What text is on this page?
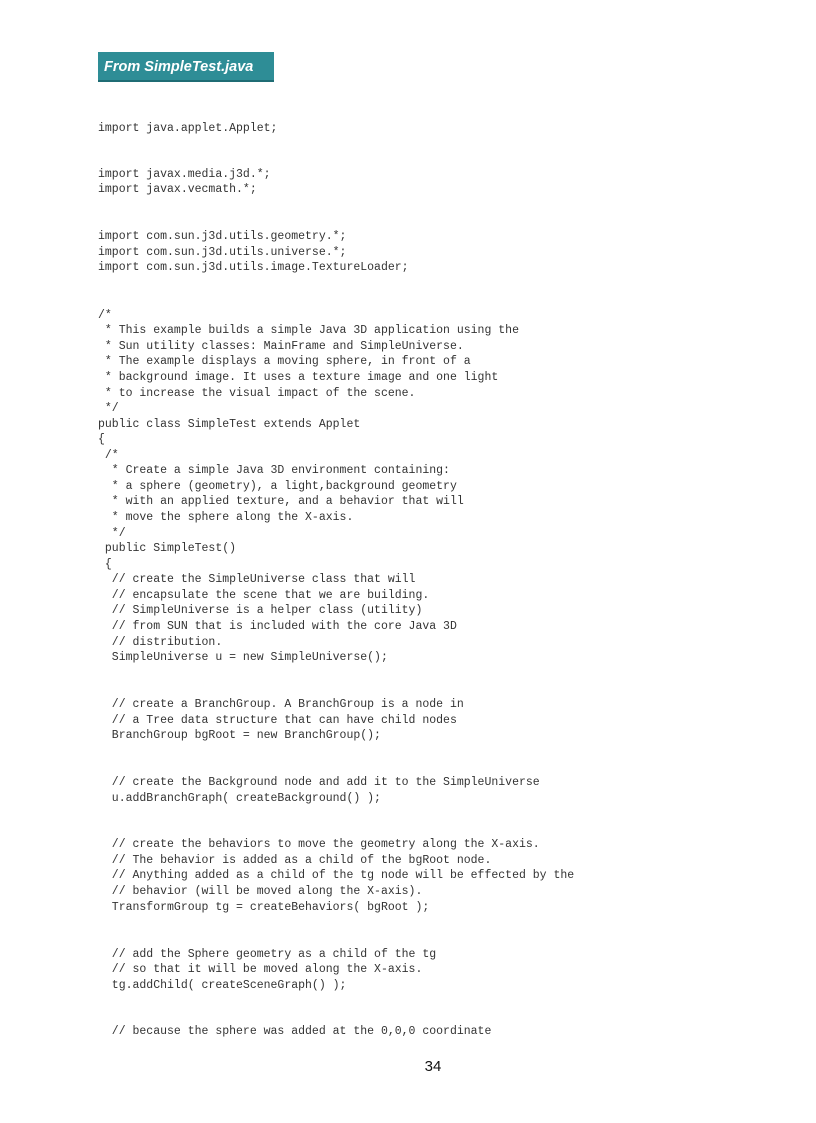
From SimpleTest.java
import java.applet.Applet;
import javax.media.j3d.*;
import javax.vecmath.*;
import com.sun.j3d.utils.geometry.*;
import com.sun.j3d.utils.universe.*;
import com.sun.j3d.utils.image.TextureLoader;
/*
* This example builds a simple Java 3D application using the
* Sun utility classes: MainFrame and SimpleUniverse.
* The example displays a moving sphere, in front of a
* background image. It uses a texture image and one light
* to increase the visual impact of the scene.
*/
public class SimpleTest extends Applet
{
/*
* Create a simple Java 3D environment containing:
* a sphere (geometry), a light,background geometry
* with an applied texture, and a behavior that will
* move the sphere along the X-axis.
*/
public SimpleTest()
{
// create the SimpleUniverse class that will
// encapsulate the scene that we are building.
// SimpleUniverse is a helper class (utility)
// from SUN that is included with the core Java 3D
// distribution.
SimpleUniverse u = new SimpleUniverse();
// create a BranchGroup. A BranchGroup is a node in
// a Tree data structure that can have child nodes
BranchGroup bgRoot = new BranchGroup();
// create the Background node and add it to the SimpleUniverse
u.addBranchGraph( createBackground() );
// create the behaviors to move the geometry along the X-axis.
// The behavior is added as a child of the bgRoot node.
// Anything added as a child of the tg node will be effected by the
// behavior (will be moved along the X-axis).
TransformGroup tg = createBehaviors( bgRoot );
// add the Sphere geometry as a child of the tg
// so that it will be moved along the X-axis.
tg.addChild( createSceneGraph() );
// because the sphere was added at the 0,0,0 coordinate
34
